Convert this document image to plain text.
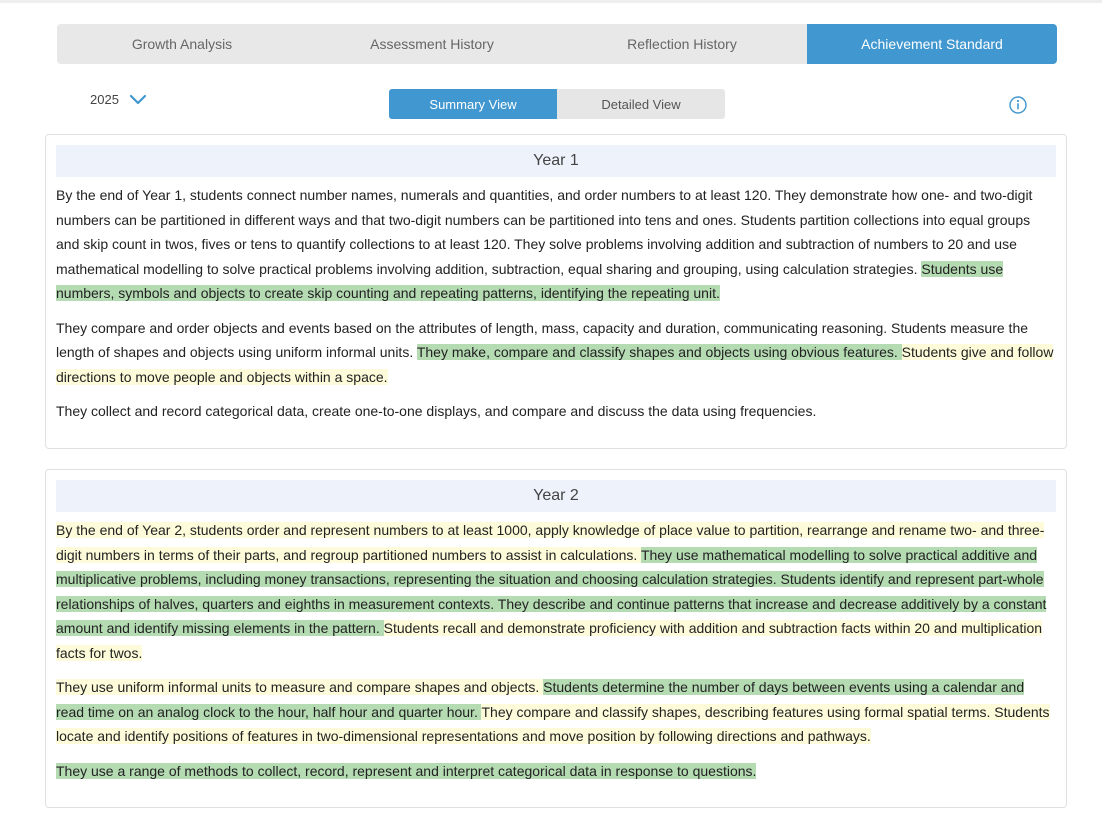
Growth Analysis	Assessment History	Reflection History	Achievement Standard
2025	Summary View	Detailed View
Year 1

By the end of Year 1, students connect number names, numerals and quantities, and order numbers to at least 120. They demonstrate how one- and two-digit numbers can be partitioned in different ways and that two-digit numbers can be partitioned into tens and ones. Students partition collections into equal groups and skip count in twos, fives or tens to quantify collections to at least 120. They solve problems involving addition and subtraction of numbers to 20 and use mathematical modelling to solve practical problems involving addition, subtraction, equal sharing and grouping, using calculation strategies. Students use numbers, symbols and objects to create skip counting and repeating patterns, identifying the repeating unit.

They compare and order objects and events based on the attributes of length, mass, capacity and duration, communicating reasoning. Students measure the length of shapes and objects using uniform informal units. They make, compare and classify shapes and objects using obvious features. Students give and follow directions to move people and objects within a space.

They collect and record categorical data, create one-to-one displays, and compare and discuss the data using frequencies.

Year 2

By the end of Year 2, students order and represent numbers to at least 1000, apply knowledge of place value to partition, rearrange and rename two- and three-digit numbers in terms of their parts, and regroup partitioned numbers to assist in calculations. They use mathematical modelling to solve practical additive and multiplicative problems, including money transactions, representing the situation and choosing calculation strategies. Students identify and represent part-whole relationships of halves, quarters and eighths in measurement contexts. They describe and continue patterns that increase and decrease additively by a constant amount and identify missing elements in the pattern. Students recall and demonstrate proficiency with addition and subtraction facts within 20 and multiplication facts for twos.

They use uniform informal units to measure and compare shapes and objects. Students determine the number of days between events using a calendar and read time on an analog clock to the hour, half hour and quarter hour. They compare and classify shapes, describing features using formal spatial terms. Students locate and identify positions of features in two-dimensional representations and move position by following directions and pathways.

They use a range of methods to collect, record, represent and interpret categorical data in response to questions.
